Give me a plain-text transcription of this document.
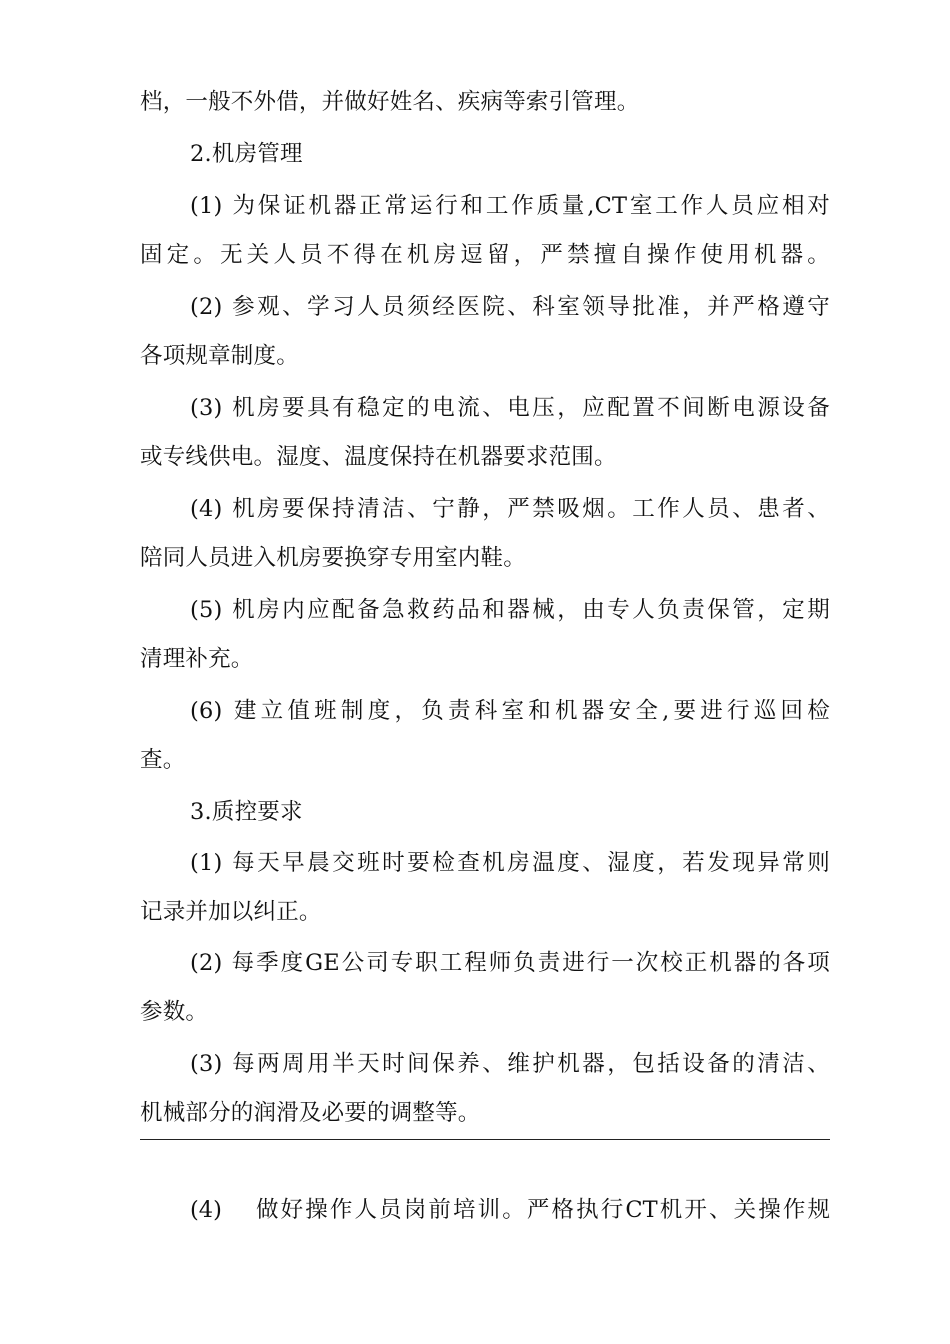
档，一般不外借，并做好姓名、疾病等索引管理。
2.机房管理
(1) 为保证机器正常运行和工作质量,CT室工作人员应相对
固定。无关人员不得在机房逗留，严禁擅自操作使用机器。
(2) 参观、学习人员须经医院、科室领导批准，并严格遵守
各项规章制度。
(3) 机房要具有稳定的电流、电压，应配置不间断电源设备
或专线供电。湿度、温度保持在机器要求范围。
(4) 机房要保持清洁、宁静，严禁吸烟。工作人员、患者、
陪同人员进入机房要换穿专用室内鞋。
(5) 机房内应配备急救药品和器械，由专人负责保管，定期
清理补充。
(6) 建立值班制度，负责科室和机器安全,要进行巡回检
查。
3.质控要求
(1) 每天早晨交班时要检查机房温度、湿度，若发现异常则
记录并加以纠正。
(2) 每季度GE公司专职工程师负责进行一次校正机器的各项
参数。
(3) 每两周用半天时间保养、维护机器，包括设备的清洁、
机械部分的润滑及必要的调整等。
(4) 做好操作人员岗前培训。严格执行CT机开、关操作规
